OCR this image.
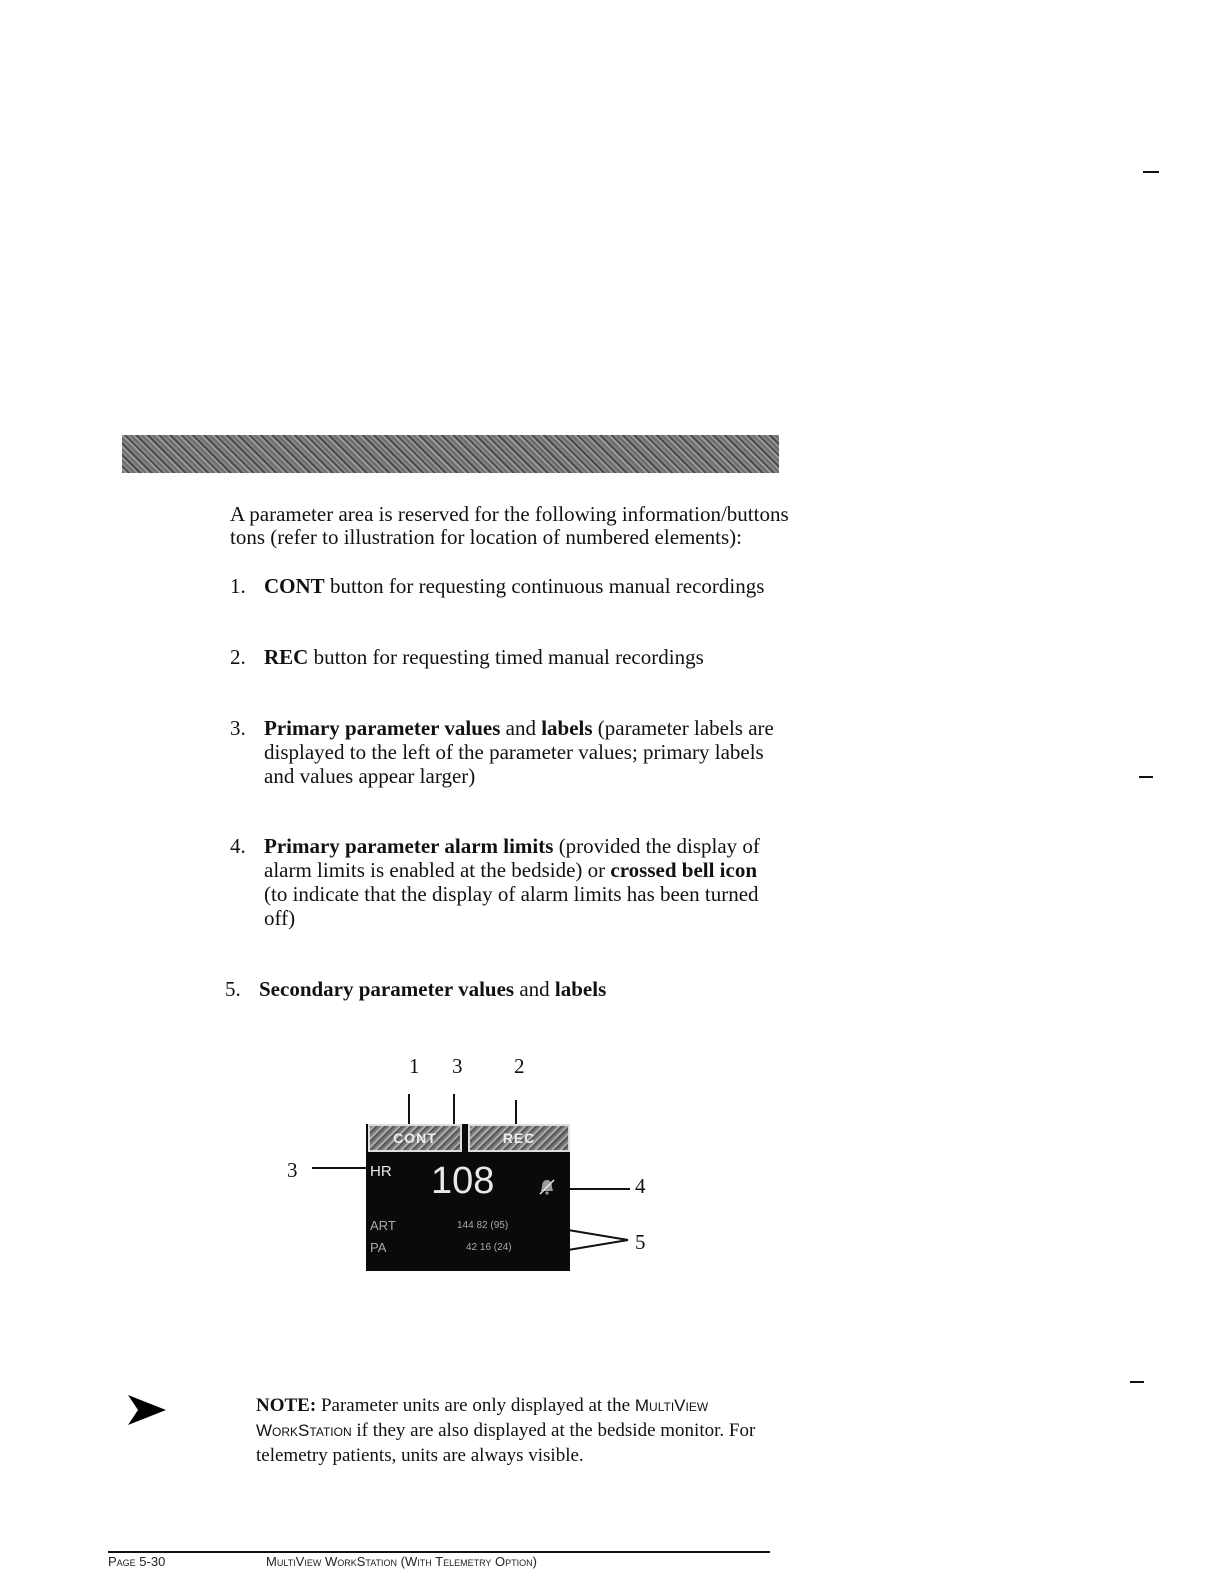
A parameter area is reserved for the following information/buttons
tons (refer to illustration for location of numbered elements):
1. CONT button for requesting continuous manual recordings
2. REC button for requesting timed manual recordings
3. Primary parameter values and labels (parameter labels are
displayed to the left of the parameter values; primary labels
and values appear larger)
4. Primary parameter alarm limits (provided the display of
alarm limits is enabled at the bedside) or crossed bell icon
(to indicate that the display of alarm limits has been turned
off)
5. Secondary parameter values and labels
1 3 2
3
4
5
CONT	REC
HR 108
ART	144 82 (95)
PA	42 16 (24)
NOTE: Parameter units are only displayed at the MultiView
WorkStation if they are also displayed at the bedside monitor. For
telemetry patients, units are always visible.
Page 5-30	MultiView WorkStation (With Telemetry Option)
